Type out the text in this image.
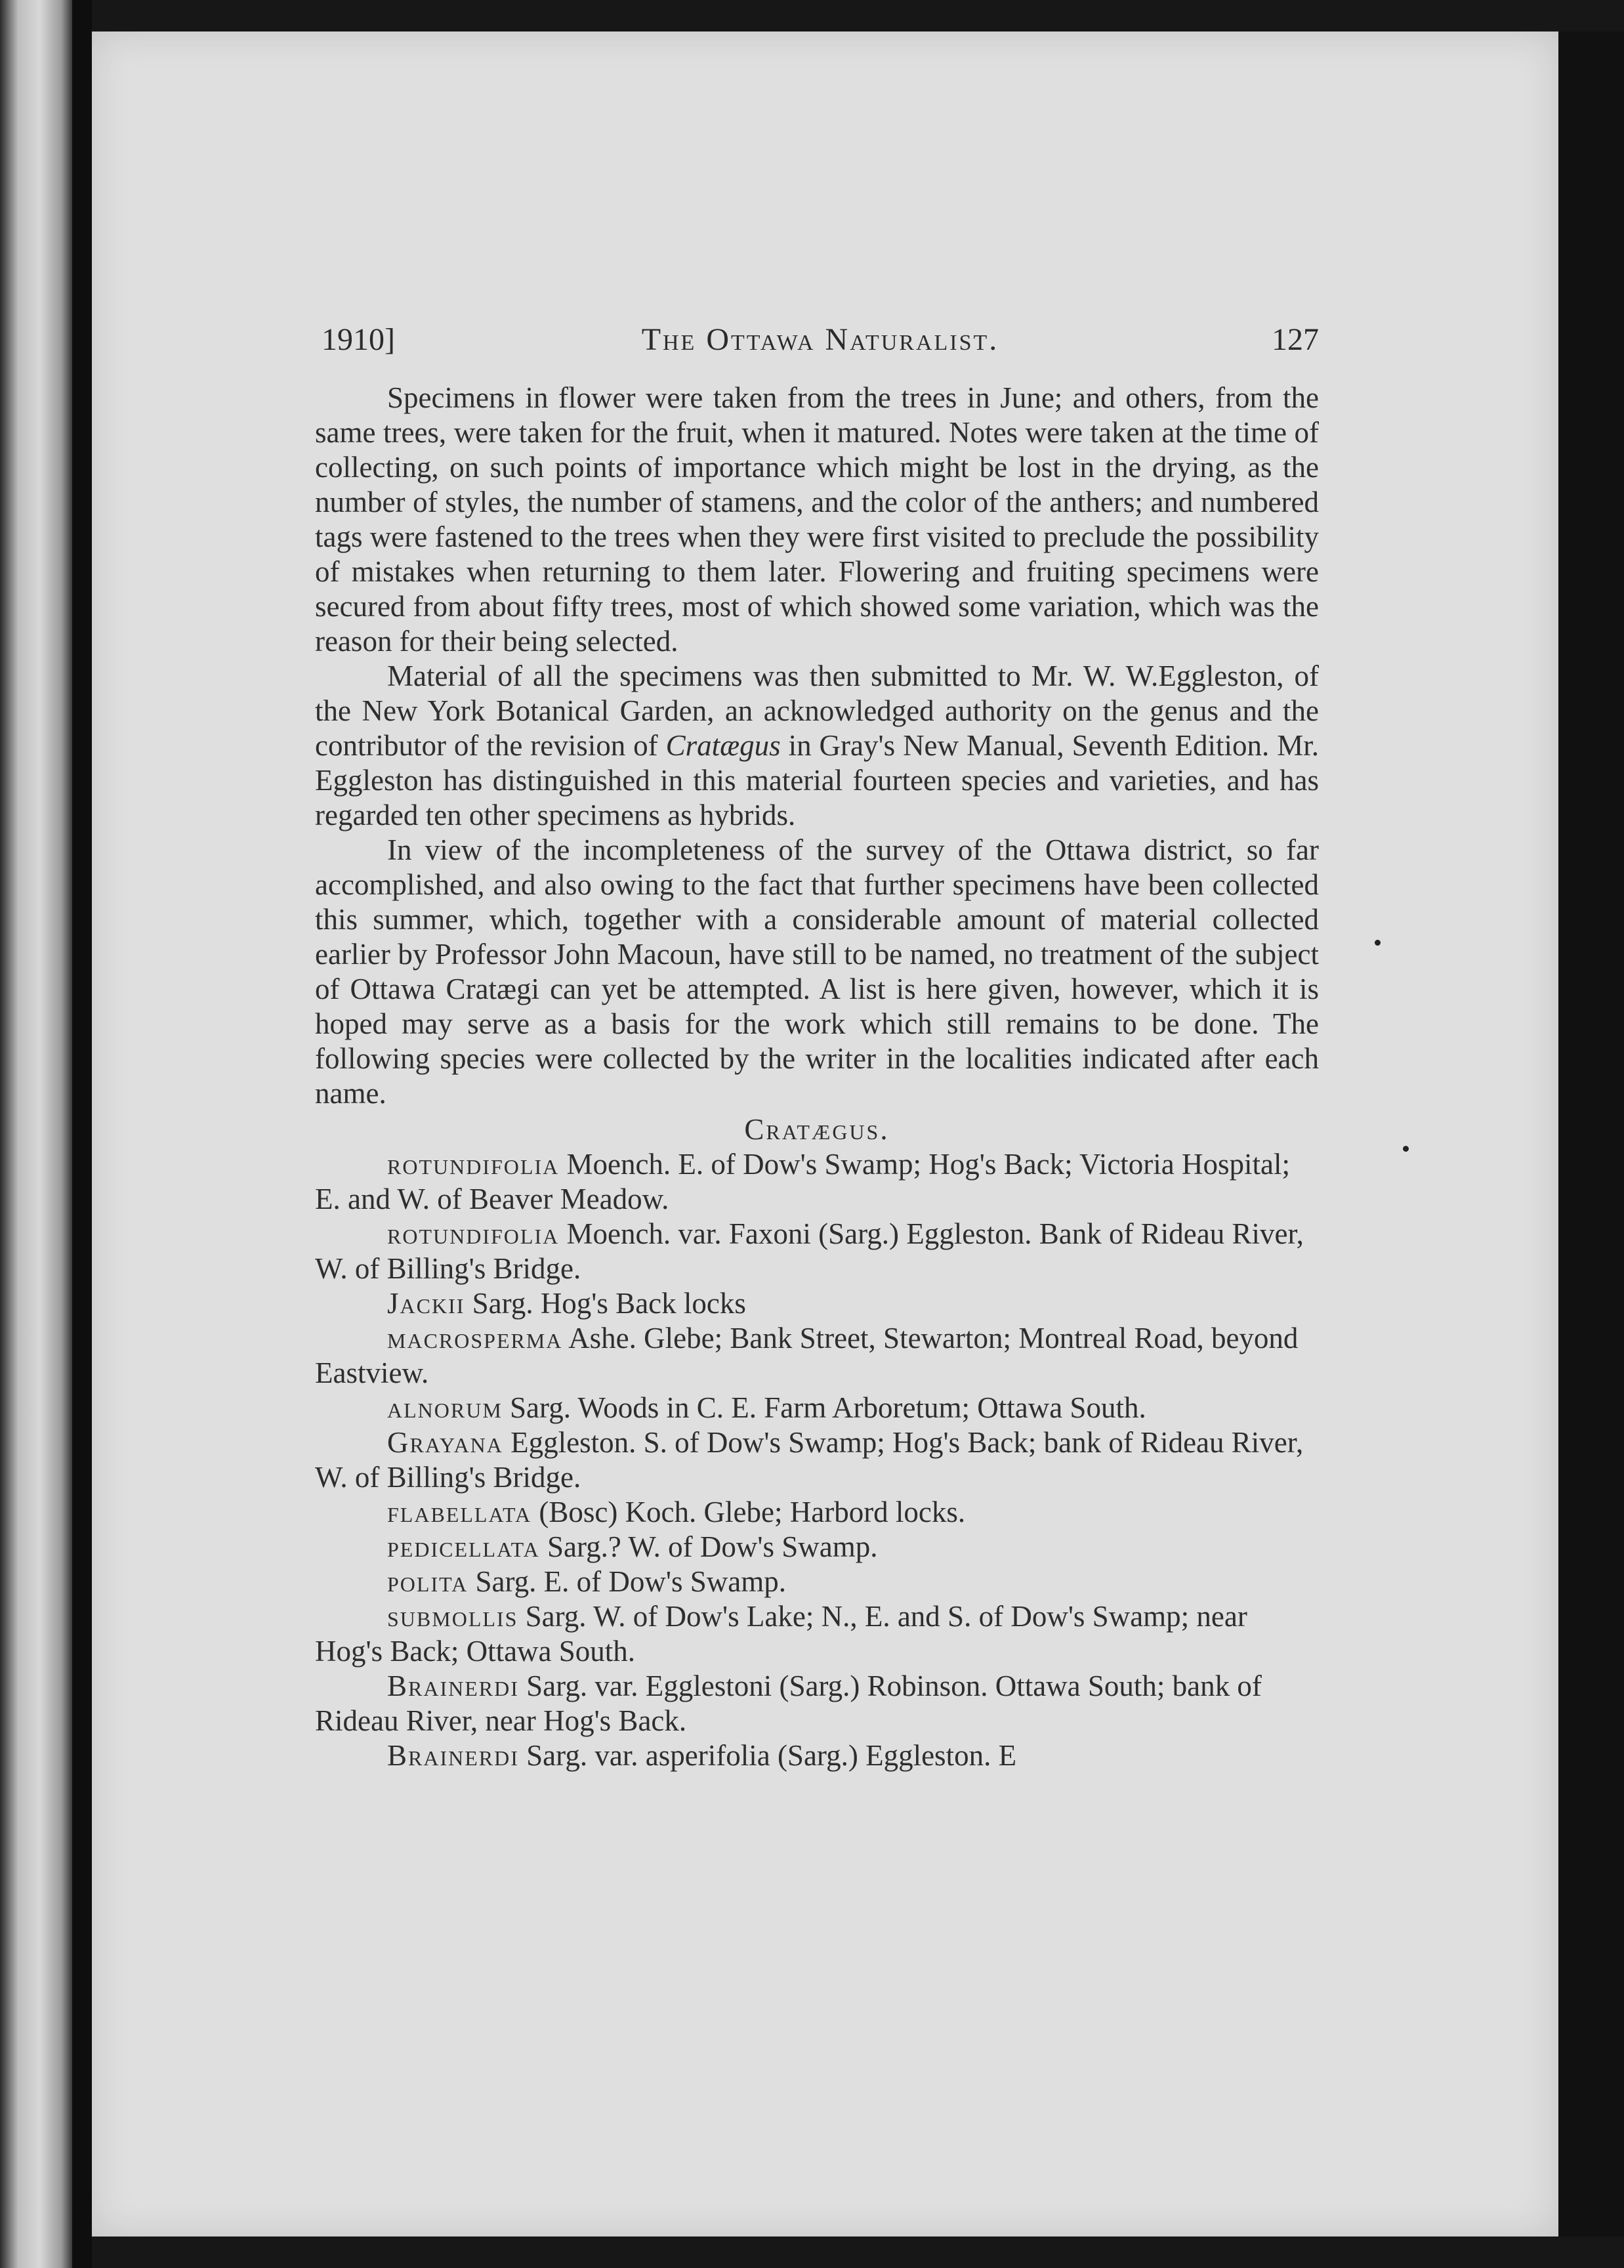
1910]	The Ottawa Naturalist.	127

Specimens in flower were taken from the trees in June; and others, from the same trees, were taken for the fruit, when it matured. Notes were taken at the time of collecting, on such points of importance which might be lost in the drying, as the number of styles, the number of stamens, and the color of the anthers; and numbered tags were fastened to the trees when they were first visited to preclude the possibility of mistakes when returning to them later. Flowering and fruiting specimens were secured from about fifty trees, most of which showed some variation, which was the reason for their being selected.

Material of all the specimens was then submitted to Mr. W. W.Eggleston, of the New York Botanical Garden, an acknowledged authority on the genus and the contributor of the revision of Cratægus in Gray's New Manual, Seventh Edition. Mr. Eggleston has distinguished in this material fourteen species and varieties, and has regarded ten other specimens as hybrids.

In view of the incompleteness of the survey of the Ottawa district, so far accomplished, and also owing to the fact that further specimens have been collected this summer, which, together with a considerable amount of material collected earlier by Professor John Macoun, have still to be named, no treatment of the subject of Ottawa Cratægi can yet be attempted. A list is here given, however, which it is hoped may serve as a basis for the work which still remains to be done. The following species were collected by the writer in the localities indicated after each name.

Cratægus.

rotundifolia Moench. E. of Dow's Swamp; Hog's Back; Victoria Hospital; E. and W. of Beaver Meadow.

rotundifolia Moench. var. Faxoni (Sarg.) Eggleston. Bank of Rideau River, W. of Billing's Bridge.

Jackii Sarg. Hog's Back locks

macrosperma Ashe. Glebe; Bank Street, Stewarton; Montreal Road, beyond Eastview.

alnorum Sarg. Woods in C. E. Farm Arboretum; Ottawa South.

Grayana Eggleston. S. of Dow's Swamp; Hog's Back; bank of Rideau River, W. of Billing's Bridge.

flabellata (Bosc) Koch. Glebe; Harbord locks.

pedicellata Sarg.? W. of Dow's Swamp.

polita Sarg. E. of Dow's Swamp.

submollis Sarg. W. of Dow's Lake; N., E. and S. of Dow's Swamp; near Hog's Back; Ottawa South.

Brainerdi Sarg. var. Egglestoni (Sarg.) Robinson. Ottawa South; bank of Rideau River, near Hog's Back.

Brainerdi Sarg. var. asperifolia (Sarg.) Eggleston. E
